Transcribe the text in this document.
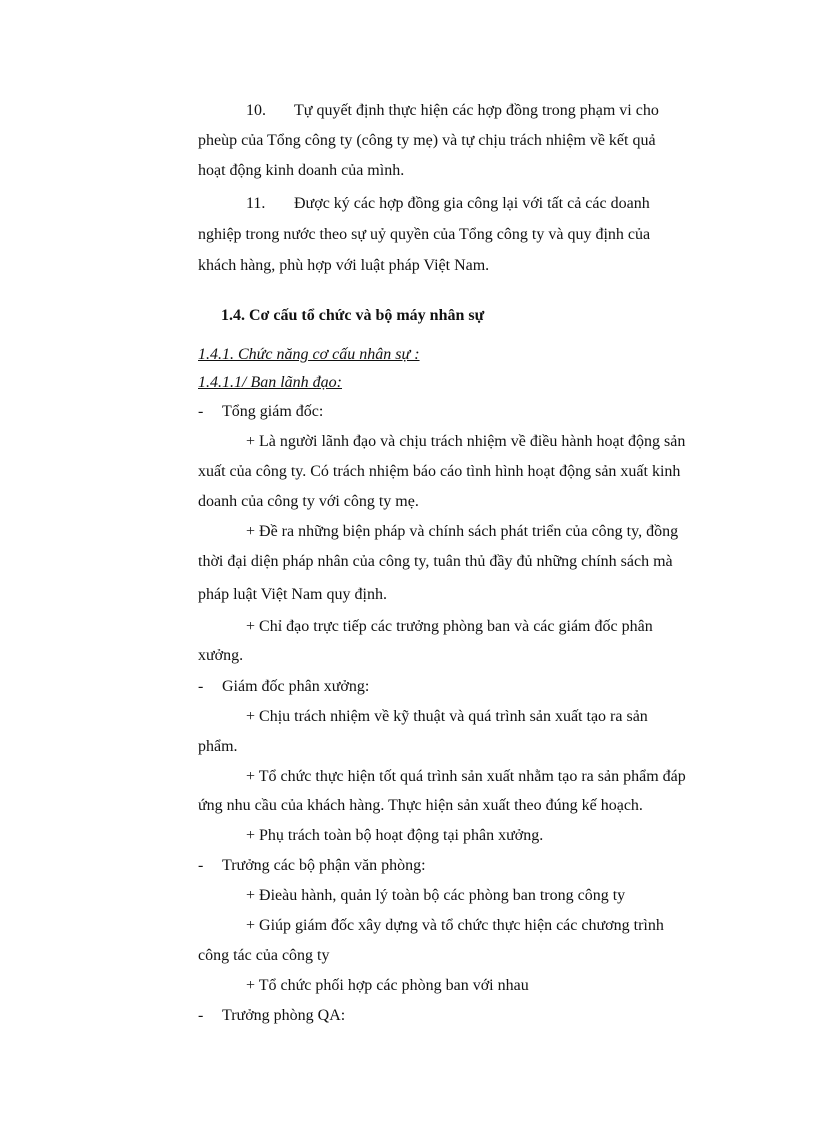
10. Tự quyết định thực hiện các hợp đồng trong phạm vi cho
pheùp của Tổng công ty (công ty mẹ) và tự chịu trách nhiệm về kết quả
hoạt động kinh doanh của mình.
11. Được ký các hợp đồng gia công lại với tất cả các doanh
nghiệp trong nước theo sự uỷ quyền của Tổng công ty và quy định của
khách hàng, phù hợp với luật pháp Việt Nam.
1.4. Cơ cấu tổ chức và bộ máy nhân sự
1.4.1. Chức năng cơ cấu nhân sự :
1.4.1.1/ Ban lãnh đạo:
- Tổng giám đốc:
+ Là người lãnh đạo và chịu trách nhiệm về điều hành hoạt động sản
xuất của công ty. Có trách nhiệm báo cáo tình hình hoạt động sản xuất kinh
doanh của công ty với công ty mẹ.
+ Đề ra những biện pháp và chính sách phát triển của công ty, đồng
thời đại diện pháp nhân của công ty, tuân thủ đầy đủ những chính sách mà
pháp luật Việt Nam quy định.
+ Chỉ đạo trực tiếp các trưởng phòng ban và các giám đốc phân
xưởng.
- Giám đốc phân xưởng:
+ Chịu trách nhiệm về kỹ thuật và quá trình sản xuất tạo ra sản
phẩm.
+ Tổ chức thực hiện tốt quá trình sản xuất nhằm tạo ra sản phẩm đáp
ứng nhu cầu của khách hàng. Thực hiện sản xuất theo đúng kế hoạch.
+ Phụ trách toàn bộ hoạt động tại phân xưởng.
- Trưởng các bộ phận văn phòng:
+ Đieàu hành, quản lý toàn bộ các phòng ban trong công ty
+ Giúp giám đốc xây dựng và tổ chức thực hiện các chương trình
công tác của công ty
+ Tổ chức phối hợp các phòng ban với nhau
- Trưởng phòng QA:
